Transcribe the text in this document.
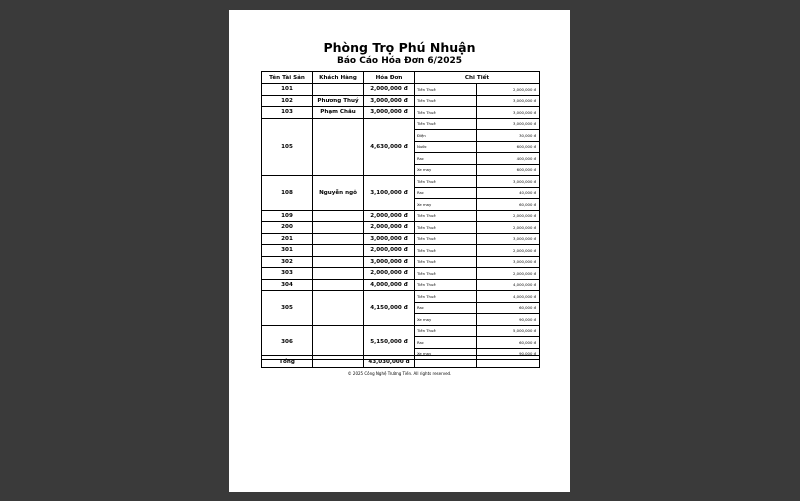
Phòng Trọ Phú Nhuận
Báo Cáo Hóa Đơn 6/2025
Tên Tài Sản	Khách Hàng	Hóa Đơn	Chi Tiết	
101		2,000,000 đ	Tiền Thuê	2,000,000 đ
102	Phương Thuý	3,000,000 đ	Tiền Thuê	3,000,000 đ
103	Phạm Châu	3,000,000 đ	Tiền Thuê	3,000,000 đ
105		4,630,000 đ	Tiền Thuê	3,000,000 đ
			Điện	30,000 đ
			Nước	600,000 đ
			Rac	400,000 đ
			Xe may	600,000 đ
108	Nguyễn ngô	3,100,000 đ	Tiền Thuê	3,000,000 đ
			Rac	40,000 đ
			Xe may	60,000 đ
109		2,000,000 đ	Tiền Thuê	2,000,000 đ
200		2,000,000 đ	Tiền Thuê	2,000,000 đ
201		3,000,000 đ	Tiền Thuê	3,000,000 đ
301		2,000,000 đ	Tiền Thuê	2,000,000 đ
302		3,000,000 đ	Tiền Thuê	3,000,000 đ
303		2,000,000 đ	Tiền Thuê	2,000,000 đ
304		4,000,000 đ	Tiền Thuê	4,000,000 đ
305		4,150,000 đ	Tiền Thuê	4,000,000 đ
			Rac	60,000 đ
			Xe may	90,000 đ
306		5,150,000 đ	Tiền Thuê	5,000,000 đ
			Rac	60,000 đ
			Xe may	90,000 đ
Tổng		43,030,000 đ		
© 2025 Công Nghệ Trường Tiến. All rights reserved.
